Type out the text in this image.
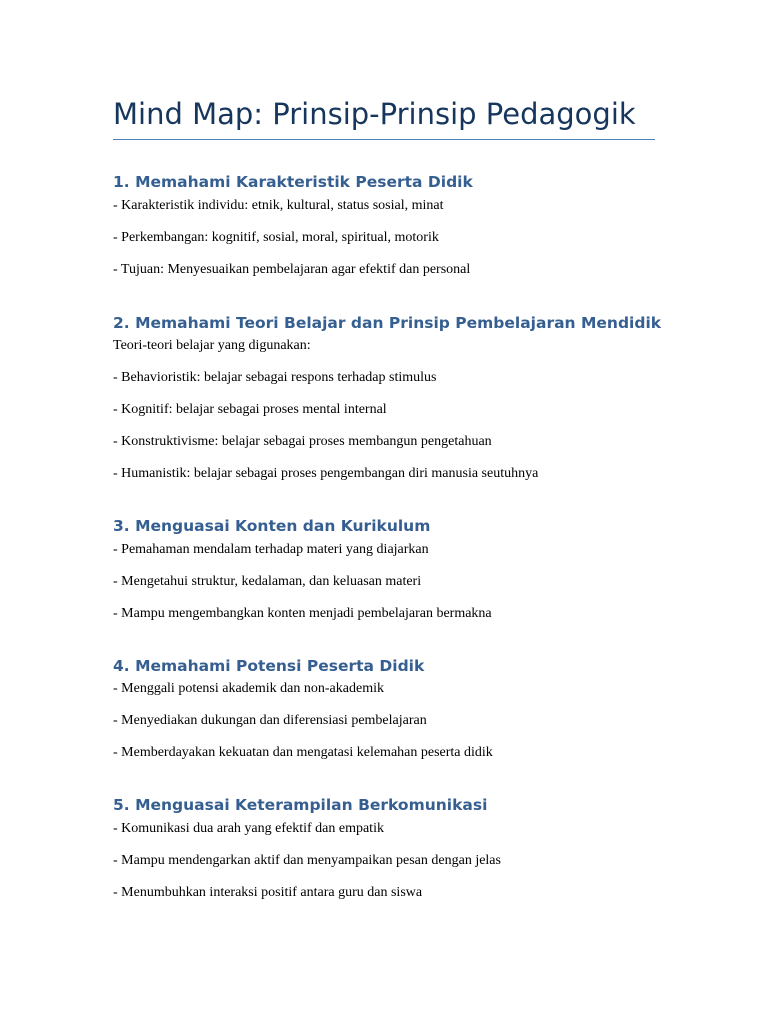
Mind Map: Prinsip-Prinsip Pedagogik
1. Memahami Karakteristik Peserta Didik

- Karakteristik individu: etnik, kultural, status sosial, minat

- Perkembangan: kognitif, sosial, moral, spiritual, motorik

- Tujuan: Menyesuaikan pembelajaran agar efektif dan personal

2. Memahami Teori Belajar dan Prinsip Pembelajaran Mendidik

Teori-teori belajar yang digunakan:

- Behavioristik: belajar sebagai respons terhadap stimulus

- Kognitif: belajar sebagai proses mental internal

- Konstruktivisme: belajar sebagai proses membangun pengetahuan

- Humanistik: belajar sebagai proses pengembangan diri manusia seutuhnya

3. Menguasai Konten dan Kurikulum

- Pemahaman mendalam terhadap materi yang diajarkan

- Mengetahui struktur, kedalaman, dan keluasan materi

- Mampu mengembangkan konten menjadi pembelajaran bermakna

4. Memahami Potensi Peserta Didik

- Menggali potensi akademik dan non-akademik

- Menyediakan dukungan dan diferensiasi pembelajaran

- Memberdayakan kekuatan dan mengatasi kelemahan peserta didik

5. Menguasai Keterampilan Berkomunikasi

- Komunikasi dua arah yang efektif dan empatik

- Mampu mendengarkan aktif dan menyampaikan pesan dengan jelas

- Menumbuhkan interaksi positif antara guru dan siswa
